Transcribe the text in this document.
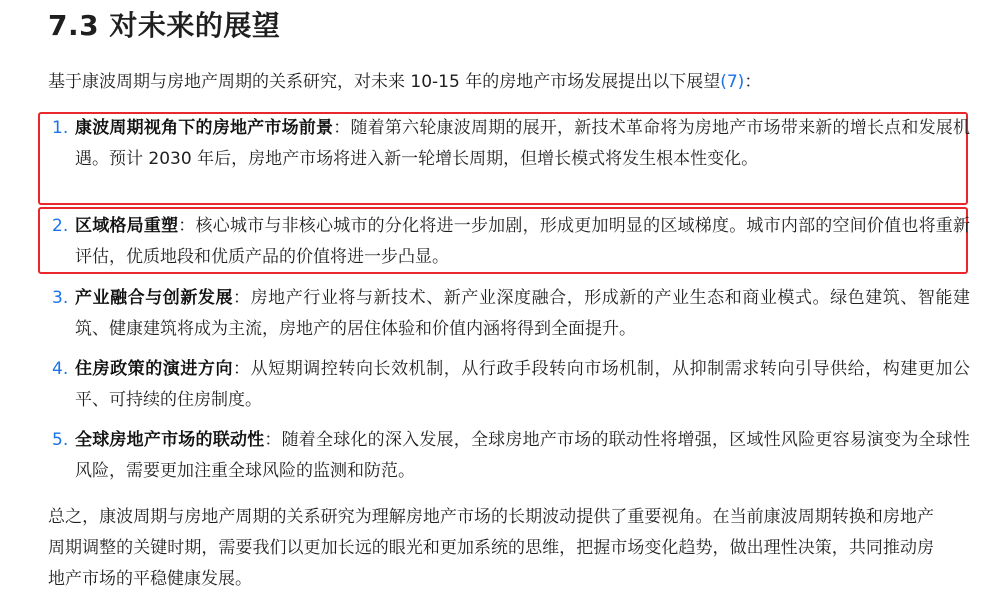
7.3 对未来的展望

基于康波周期与房地产周期的关系研究，对未来 10-15 年的房地产市场发展提出以下展望(7)：

1. 康波周期视角下的房地产市场前景：随着第六轮康波周期的展开，新技术革命将为房地产市场带来新的增长点和发展机遇。预计 2030 年后，房地产市场将进入新一轮增长周期，但增长模式将发生根本性变化。
2. 区域格局重塑：核心城市与非核心城市的分化将进一步加剧，形成更加明显的区域梯度。城市内部的空间价值也将重新评估，优质地段和优质产品的价值将进一步凸显。
3. 产业融合与创新发展：房地产行业将与新技术、新产业深度融合，形成新的产业生态和商业模式。绿色建筑、智能建筑、健康建筑将成为主流，房地产的居住体验和价值内涵将得到全面提升。
4. 住房政策的演进方向：从短期调控转向长效机制，从行政手段转向市场机制，从抑制需求转向引导供给，构建更加公平、可持续的住房制度。
5. 全球房地产市场的联动性：随着全球化的深入发展，全球房地产市场的联动性将增强，区域性风险更容易演变为全球性风险，需要更加注重全球风险的监测和防范。

总之，康波周期与房地产周期的关系研究为理解房地产市场的长期波动提供了重要视角。在当前康波周期转换和房地产周期调整的关键时期，需要我们以更加长远的眼光和更加系统的思维，把握市场变化趋势，做出理性决策，共同推动房地产市场的平稳健康发展。
